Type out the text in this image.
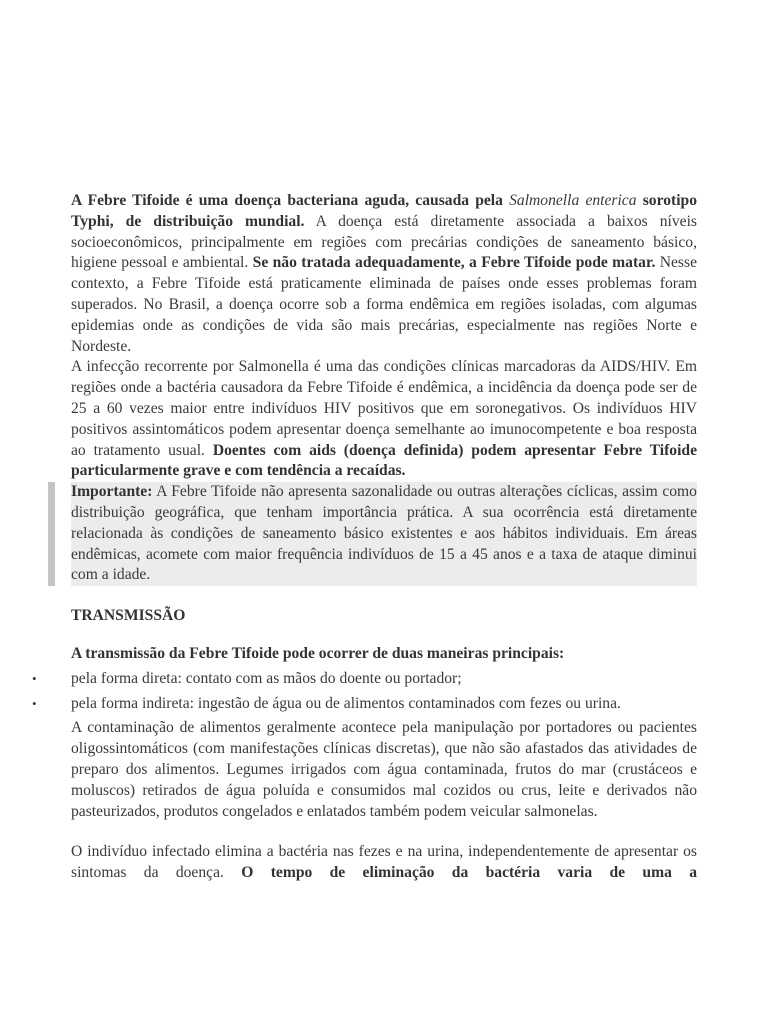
A Febre Tifoide é uma doença bacteriana aguda, causada pela Salmonella enterica sorotipo Typhi, de distribuição mundial. A doença está diretamente associada a baixos níveis socioeconômicos, principalmente em regiões com precárias condições de saneamento básico, higiene pessoal e ambiental. Se não tratada adequadamente, a Febre Tifoide pode matar. Nesse contexto, a Febre Tifoide está praticamente eliminada de países onde esses problemas foram superados. No Brasil, a doença ocorre sob a forma endêmica em regiões isoladas, com algumas epidemias onde as condições de vida são mais precárias, especialmente nas regiões Norte e Nordeste.

A infecção recorrente por Salmonella é uma das condições clínicas marcadoras da AIDS/HIV. Em regiões onde a bactéria causadora da Febre Tifoide é endêmica, a incidência da doença pode ser de 25 a 60 vezes maior entre indivíduos HIV positivos que em soronegativos. Os indivíduos HIV positivos assintomáticos podem apresentar doença semelhante ao imunocompetente e boa resposta ao tratamento usual. Doentes com aids (doença definida) podem apresentar Febre Tifoide particularmente grave e com tendência a recaídas.

Importante: A Febre Tifoide não apresenta sazonalidade ou outras alterações cíclicas, assim como distribuição geográfica, que tenham importância prática. A sua ocorrência está diretamente relacionada às condições de saneamento básico existentes e aos hábitos individuais. Em áreas endêmicas, acomete com maior frequência indivíduos de 15 a 45 anos e a taxa de ataque diminui com a idade.

TRANSMISSÃO

A transmissão da Febre Tifoide pode ocorrer de duas maneiras principais:

• pela forma direta: contato com as mãos do doente ou portador;
• pela forma indireta: ingestão de água ou de alimentos contaminados com fezes ou urina.

A contaminação de alimentos geralmente acontece pela manipulação por portadores ou pacientes oligossintomáticos (com manifestações clínicas discretas), que não são afastados das atividades de preparo dos alimentos. Legumes irrigados com água contaminada, frutos do mar (crustáceos e moluscos) retirados de água poluída e consumidos mal cozidos ou crus, leite e derivados não pasteurizados, produtos congelados e enlatados também podem veicular salmonelas.

O indivíduo infectado elimina a bactéria nas fezes e na urina, independentemente de apresentar os sintomas da doença. O tempo de eliminação da bactéria varia de uma a
